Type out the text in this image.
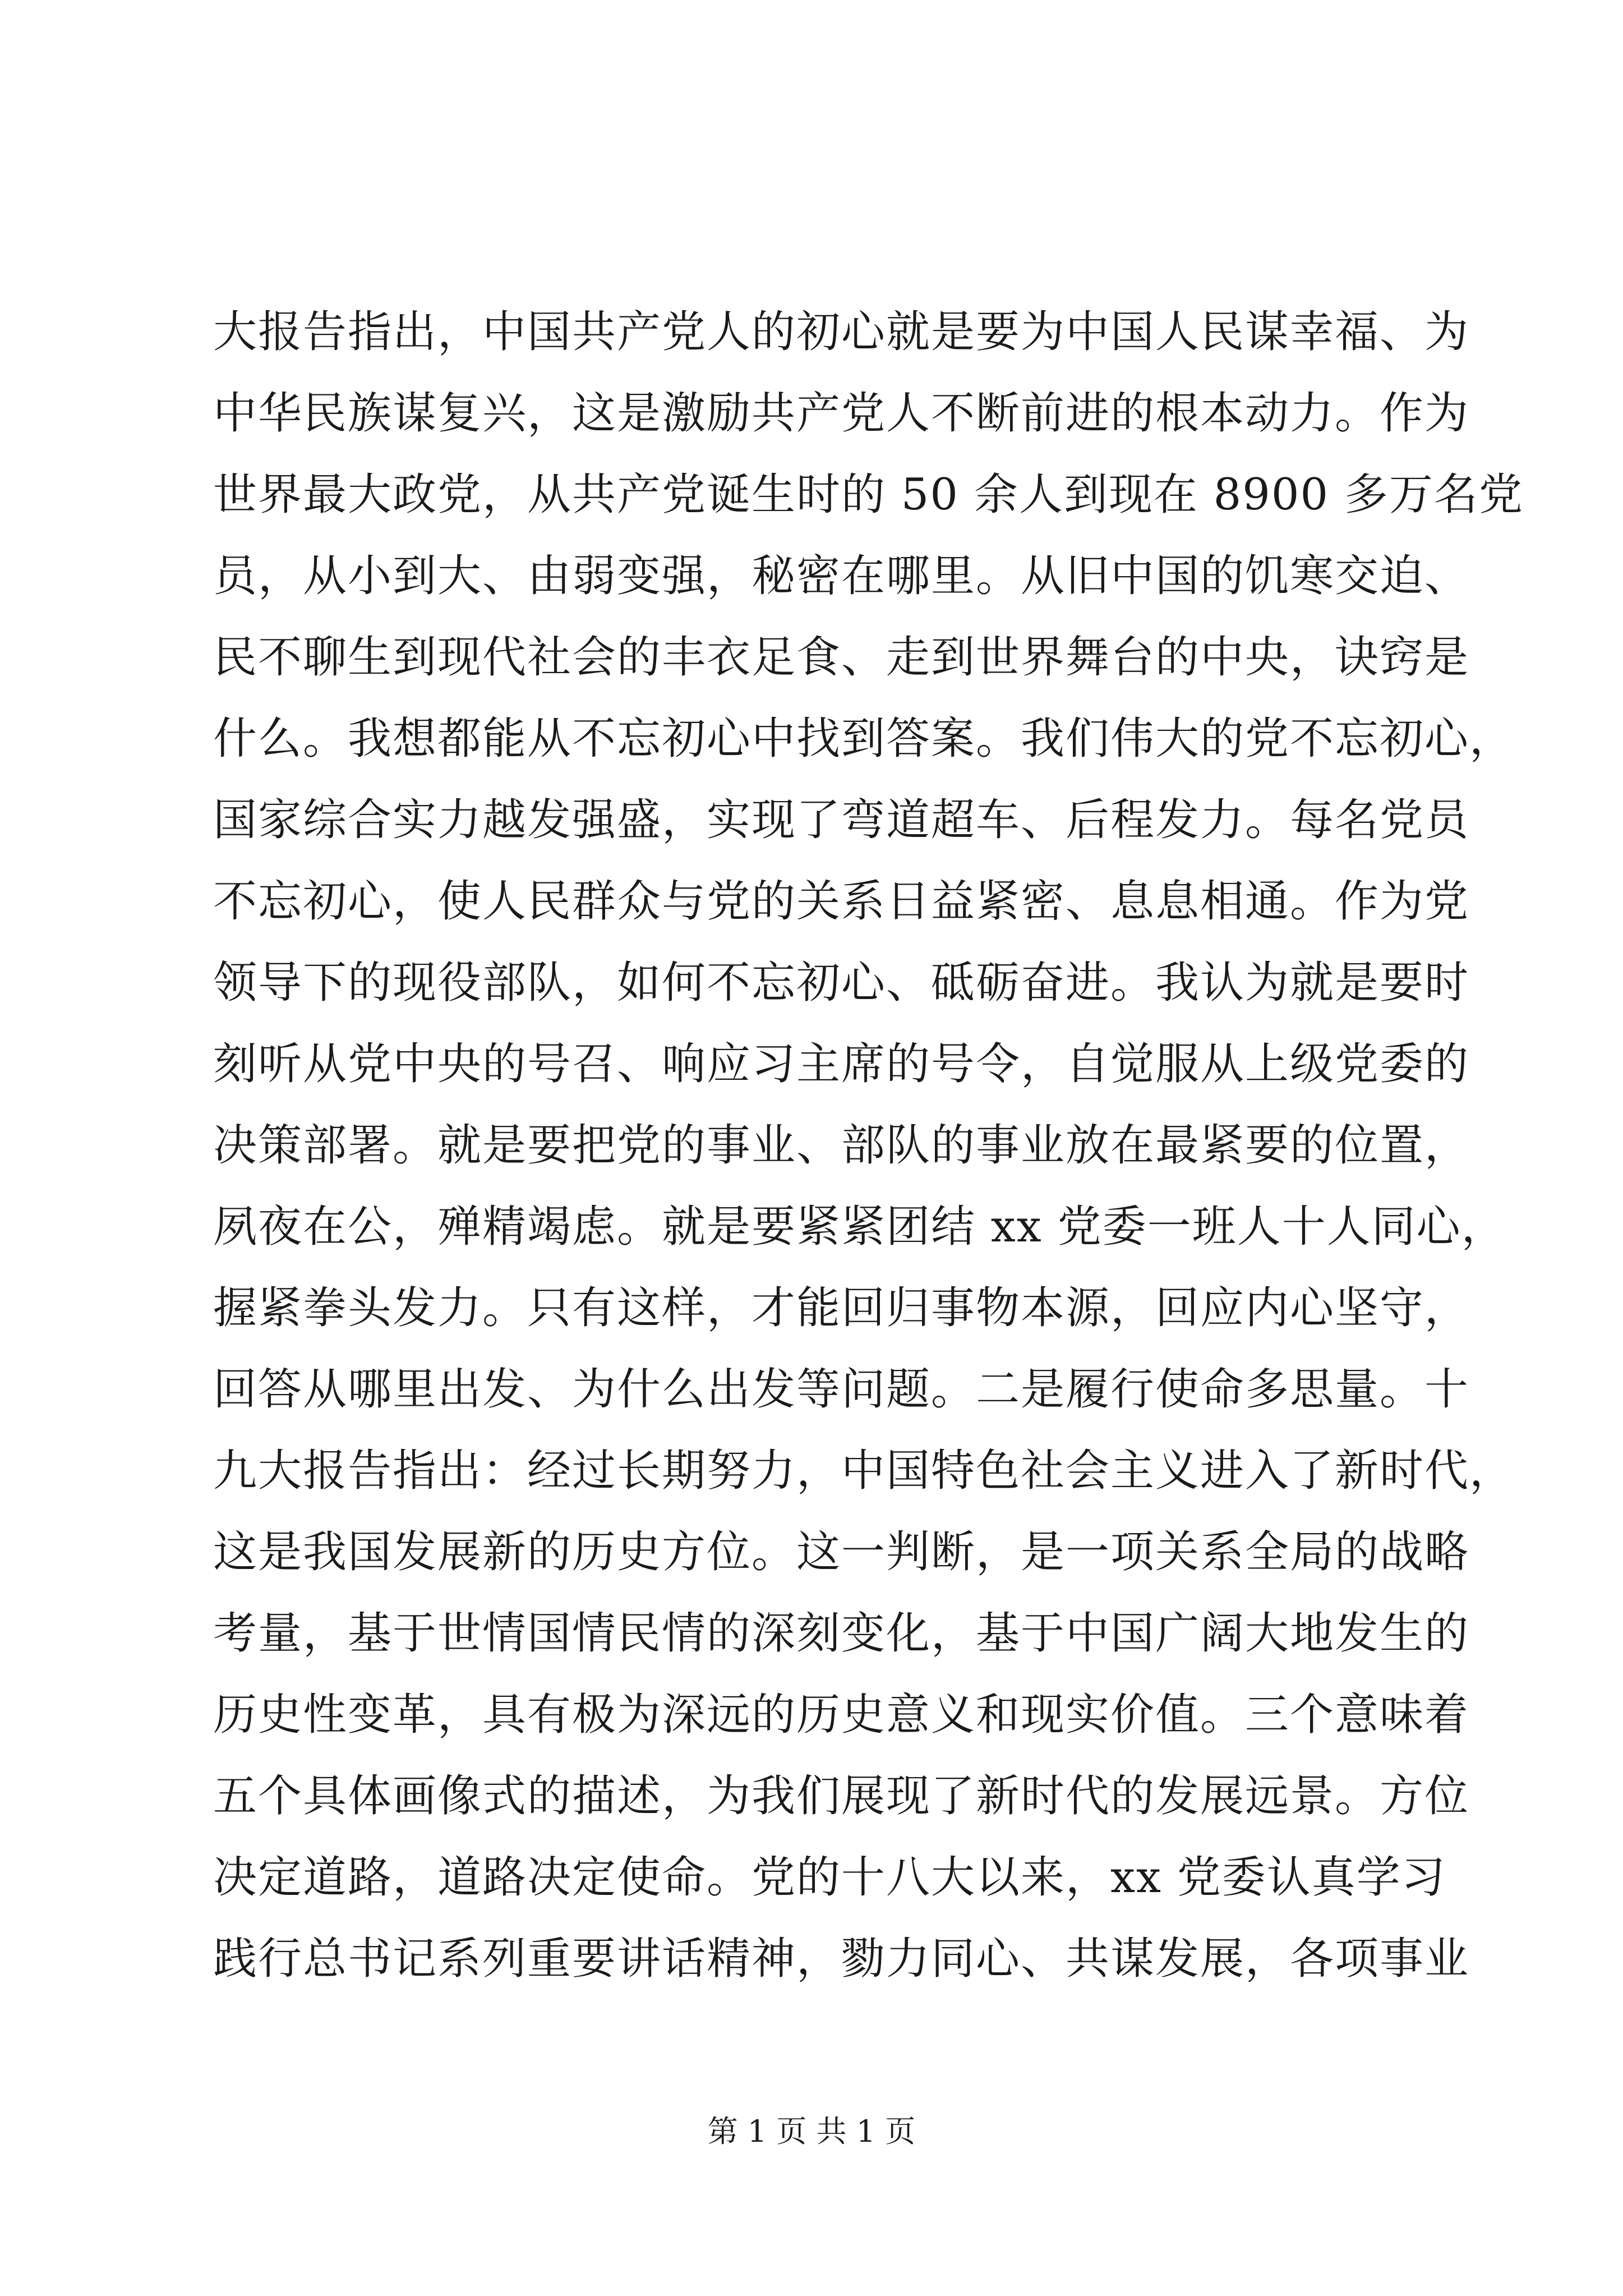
大报告指出，中国共产党人的初心就是要为中国人民谋幸福、为
中华民族谋复兴，这是激励共产党人不断前进的根本动力。作为
世界最大政党，从共产党诞生时的 50 余人到现在 8900 多万名党
员，从小到大、由弱变强，秘密在哪里。从旧中国的饥寒交迫、
民不聊生到现代社会的丰衣足食、走到世界舞台的中央，诀窍是
什么。我想都能从不忘初心中找到答案。我们伟大的党不忘初心，
国家综合实力越发强盛，实现了弯道超车、后程发力。每名党员
不忘初心，使人民群众与党的关系日益紧密、息息相通。作为党
领导下的现役部队，如何不忘初心、砥砺奋进。我认为就是要时
刻听从党中央的号召、响应习主席的号令，自觉服从上级党委的
决策部署。就是要把党的事业、部队的事业放在最紧要的位置，
夙夜在公，殚精竭虑。就是要紧紧团结 xx 党委一班人十人同心，
握紧拳头发力。只有这样，才能回归事物本源，回应内心坚守，
回答从哪里出发、为什么出发等问题。二是履行使命多思量。十
九大报告指出：经过长期努力，中国特色社会主义进入了新时代，
这是我国发展新的历史方位。这一判断，是一项关系全局的战略
考量，基于世情国情民情的深刻变化，基于中国广阔大地发生的
历史性变革，具有极为深远的历史意义和现实价值。三个意味着
五个具体画像式的描述，为我们展现了新时代的发展远景。方位
决定道路，道路决定使命。党的十八大以来，xx 党委认真学习
践行总书记系列重要讲话精神，勠力同心、共谋发展，各项事业
第 1 页 共 1 页
